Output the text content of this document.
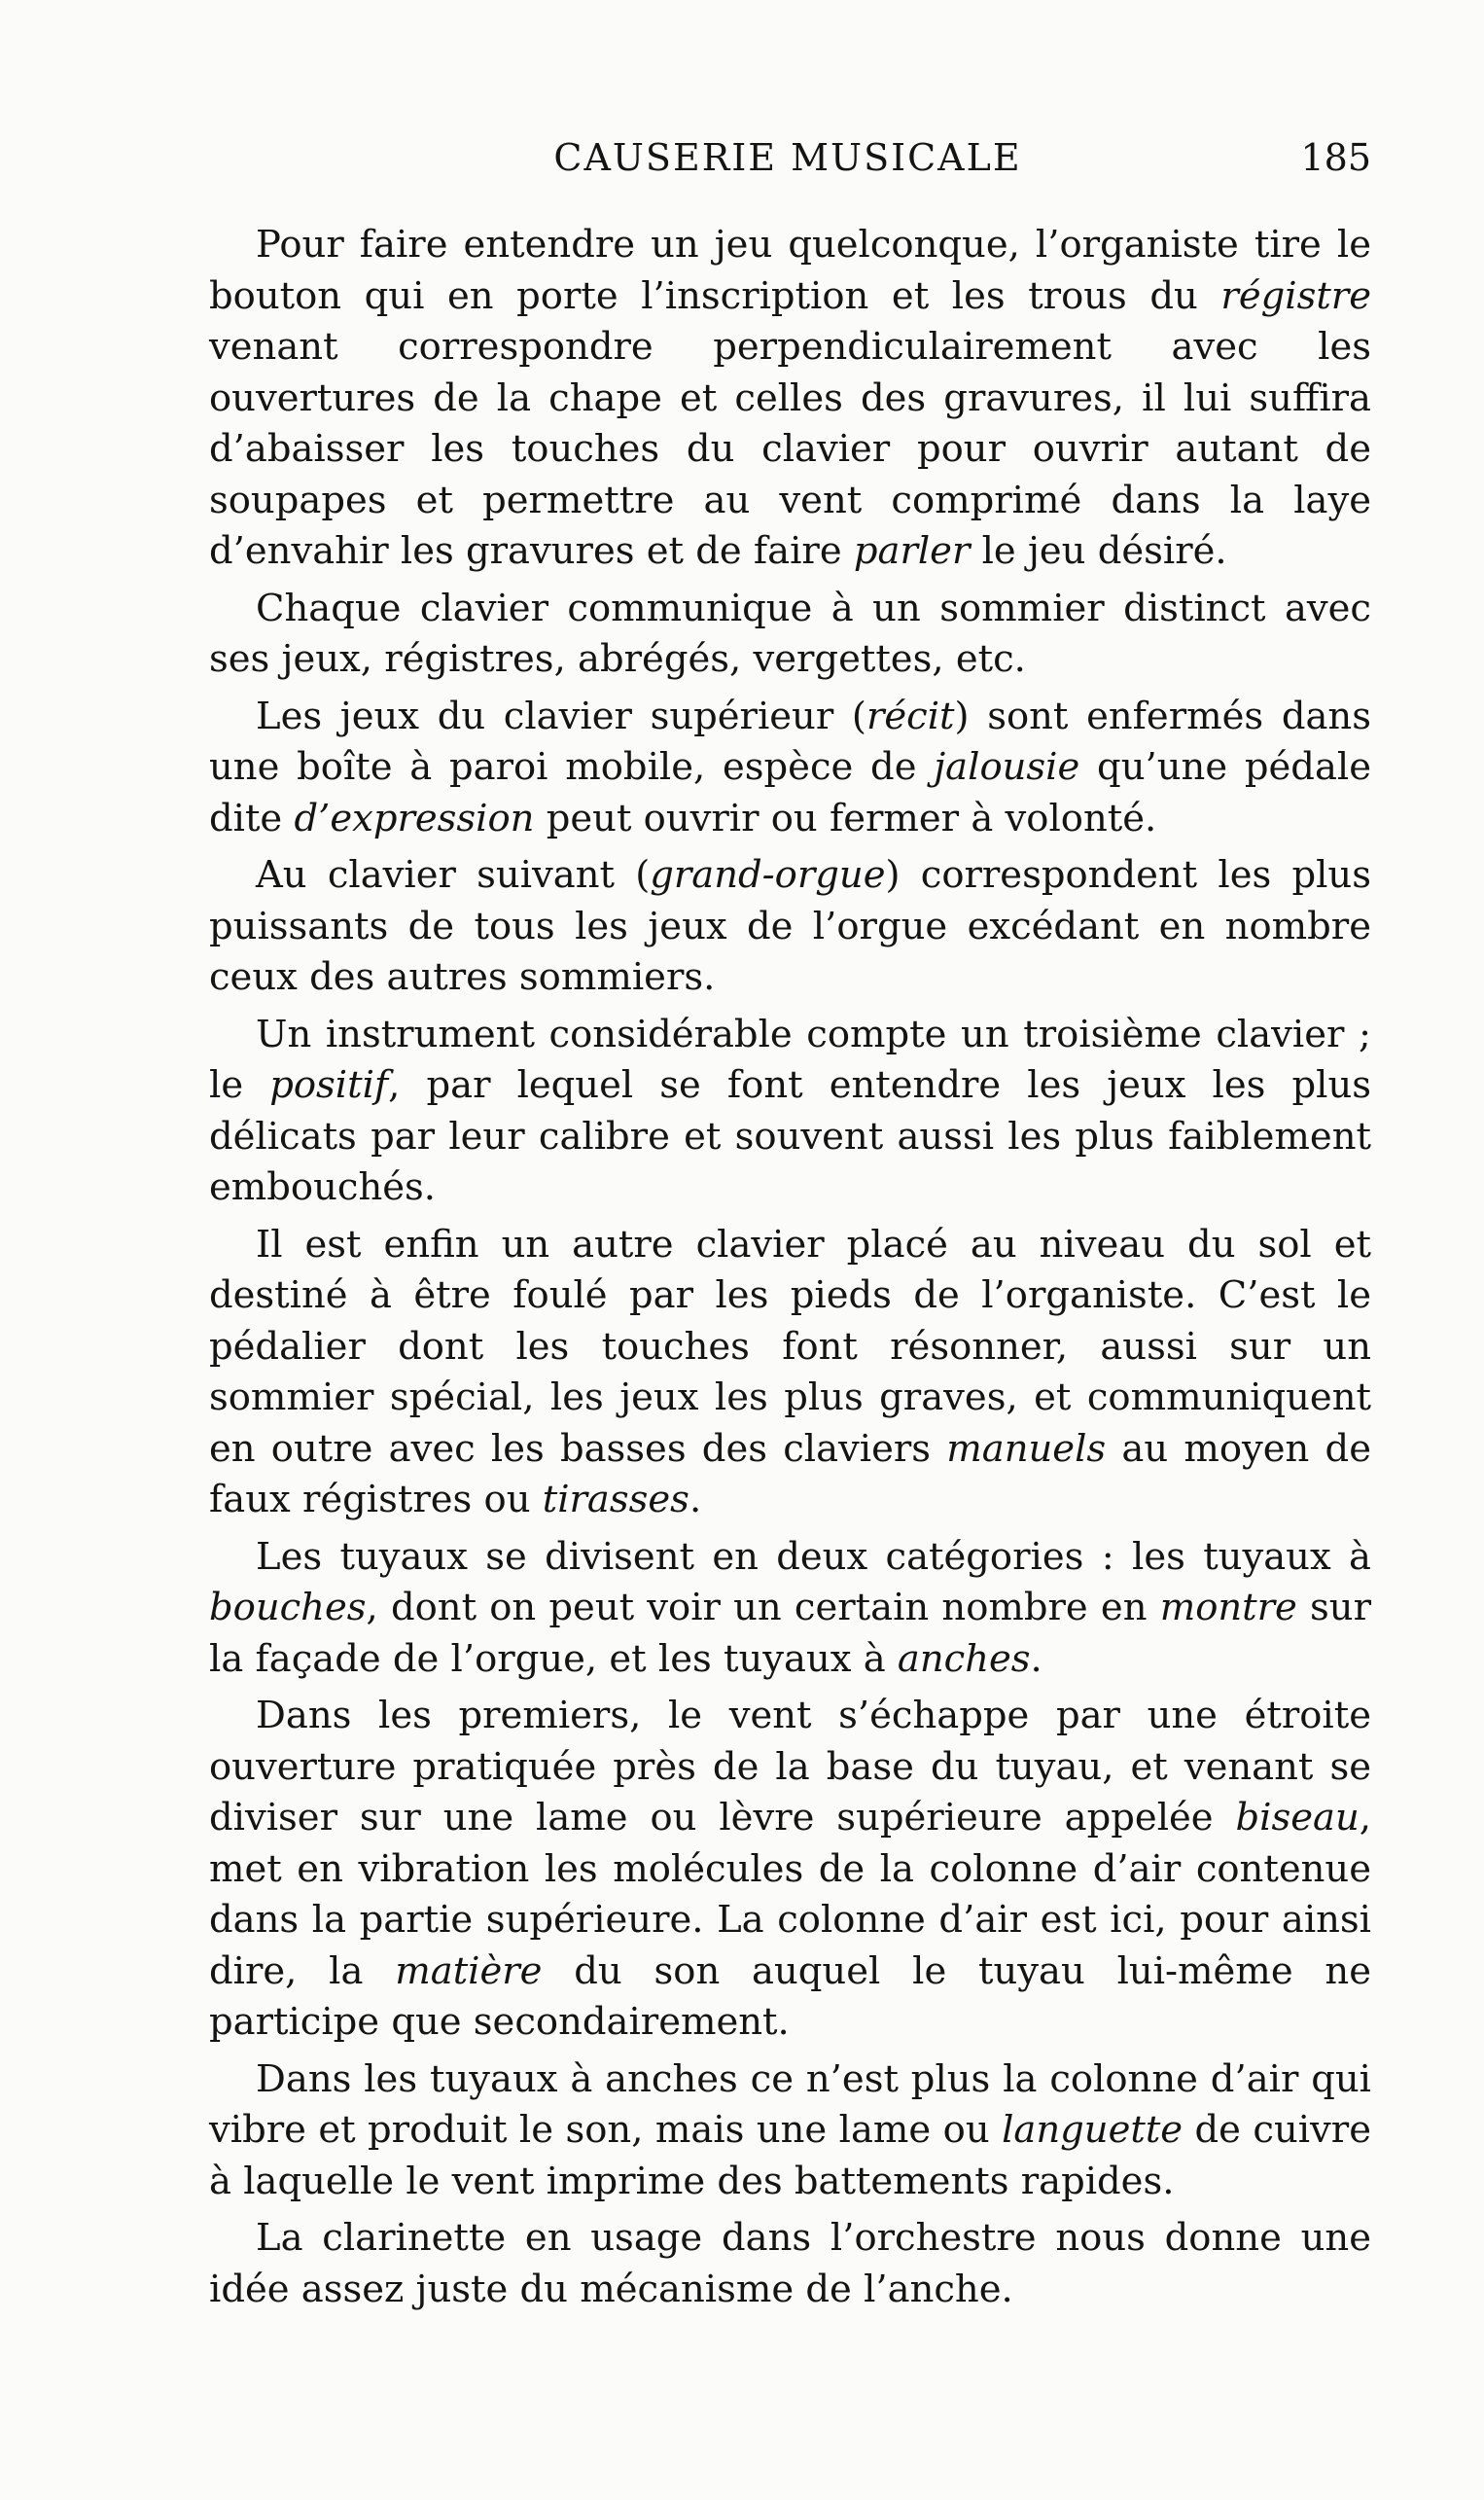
CAUSERIE MUSICALE	185

Pour faire entendre un jeu quelconque, l’organiste tire le bouton qui en porte l’inscription et les trous du régistre venant correspondre perpendiculairement avec les ouvertures de la chape et celles des gravures, il lui suffira d’abaisser les touches du clavier pour ouvrir autant de soupapes et permettre au vent comprimé dans la laye d’envahir les gravures et de faire parler le jeu désiré.

Chaque clavier communique à un sommier distinct avec ses jeux, régistres, abrégés, vergettes, etc.

Les jeux du clavier supérieur (récit) sont enfermés dans une boîte à paroi mobile, espèce de jalousie qu’une pédale dite d’expression peut ouvrir ou fermer à volonté.

Au clavier suivant (grand-orgue) correspondent les plus puissants de tous les jeux de l’orgue excédant en nombre ceux des autres sommiers.

Un instrument considérable compte un troisième clavier ; le positif, par lequel se font entendre les jeux les plus délicats par leur calibre et souvent aussi les plus faiblement embouchés.

Il est enfin un autre clavier placé au niveau du sol et destiné à être foulé par les pieds de l’organiste. C’est le pédalier dont les touches font résonner, aussi sur un sommier spécial, les jeux les plus graves, et communiquent en outre avec les basses des claviers manuels au moyen de faux régistres ou tirasses.

Les tuyaux se divisent en deux catégories : les tuyaux à bouches, dont on peut voir un certain nombre en montre sur la façade de l’orgue, et les tuyaux à anches.

Dans les premiers, le vent s’échappe par une étroite ouverture pratiquée près de la base du tuyau, et venant se diviser sur une lame ou lèvre supérieure appelée biseau, met en vibration les molécules de la colonne d’air contenue dans la partie supérieure. La colonne d’air est ici, pour ainsi dire, la matière du son auquel le tuyau lui-même ne participe que secondairement.

Dans les tuyaux à anches ce n’est plus la colonne d’air qui vibre et produit le son, mais une lame ou languette de cuivre à laquelle le vent imprime des battements rapides.

La clarinette en usage dans l’orchestre nous donne une idée assez juste du mécanisme de l’anche.
